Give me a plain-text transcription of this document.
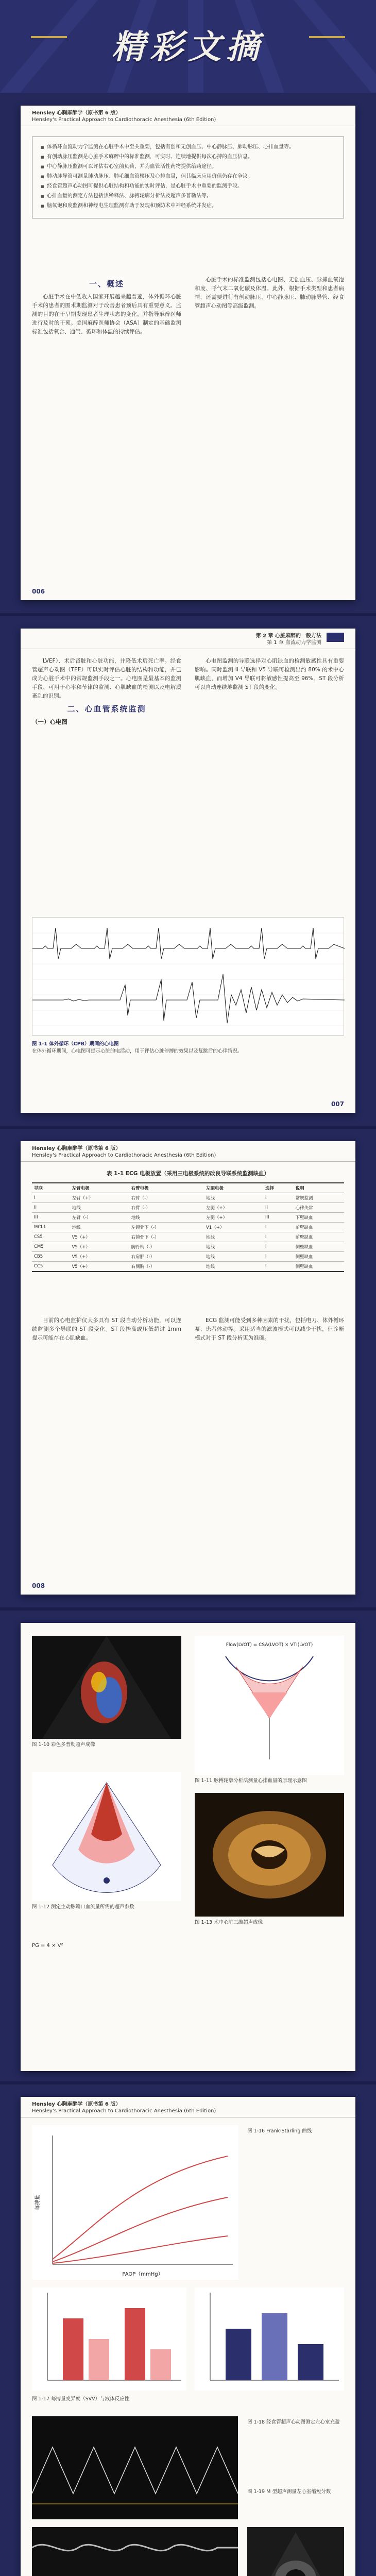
精彩文摘
Hensley 心胸麻醉学（原书第 6 版）
Hensley's Practical Approach to Cardiothoracic Anesthesia (6th Edition)
■ 体循环血流动力学监测在心脏手术中至关重要，包括有创和无创血压、中心静脉压、肺动脉压、心排血量等。
■ 有创动脉压监测是心脏手术麻醉中的标准监测，可实时、连续地提供每次心搏的血压信息。
■ 中心静脉压监测可以评估右心室前负荷，并为血管活性药物提供给药途径。
■ 肺动脉导管可测量肺动脉压、肺毛细血管楔压及心排血量，但其临床应用价值仍存在争议。
■ 经食管超声心动图可提供心脏结构和功能的实时评估，是心脏手术中重要的监测手段。
■ 心排血量的测定方法包括热稀释法、脉搏轮廓分析法及超声多普勒法等。
■ 脑氧饱和度监测和神经电生理监测有助于发现和预防术中神经系统并发症。
一、概述

心脏手术在中低收入国家开展越来越普遍，体外循环心脏手术的患者的围术期监测对于改善患者预后具有重要意义。监测的目的在于早期发现患者生理状态的变化，并指导麻醉医师进行及时的干预。美国麻醉医师协会（ASA）制定的基础监测标准包括氧合、通气、循环和体温的持续评估。

心脏手术的标准监测包括心电图、无创血压、脉搏血氧饱和度、呼气末二氧化碳及体温。此外，根据手术类型和患者病情，还需要进行有创动脉压、中心静脉压、肺动脉导管、经食管超声心动图等高级监测。

006
第 2 章 心脏麻醉的一般方法
第 1 章 血流动力学监测

LVEF）、术后肾脏和心脏功能，并降低术后死亡率。经食管超声心动图（TEE）可以实时评估心脏的结构和功能，并已成为心脏手术中的常规监测手段之一。心电图是最基本的监测手段，可用于心率和节律的监测、心肌缺血的检测以及电解质紊乱的识别。

二、心血管系统监测
（一）心电图

心电图监测的导联选择对心肌缺血的检测敏感性具有重要影响。同时监测 II 导联和 V5 导联可检测出约 80% 的术中心肌缺血，而增加 V4 导联可将敏感性提高至 96%。ST 段分析可以自动连续地监测 ST 段的变化。

图 1-1 体外循环（CPB）期间的心电图
在体外循环期间，心电图可提示心脏的电活动，用于评估心脏停搏的效果以及复跳后的心律情况。
007
Hensley 心胸麻醉学（原书第 6 版）
Hensley's Practical Approach to Cardiothoracic Anesthesia (6th Edition)
表 1-1 ECG 电极放置（采用三电极系统的改良导联系统监测缺血）
导联	左臂电极	右臂电极	左腿电极	选择	说明
I	左臂（+）	右臂（-）	地线	I	常规监测
II	地线	右臂（-）	左腿（+）	II	心律失常
III	左臂（-）	地线	左腿（+）	III	下壁缺血
MCL1	地线	左锁骨下（-）	V1（+）	I	前壁缺血
CS5	V5（+）	右锁骨下（-）	地线	I	前壁缺血
CM5	V5（+）	胸骨柄（-）	地线	I	侧壁缺血
CB5	V5（+）	右肩胛（-）	地线	I	侧壁缺血
CC5	V5（+）	右侧胸（-）	地线	I	侧壁缺血

目前的心电监护仪大多具有 ST 段自动分析功能，可以连续监测多个导联的 ST 段变化。ST 段抬高或压低超过 1mm 提示可能存在心肌缺血。

ECG 监测可能受到多种因素的干扰，包括电刀、体外循环泵、患者体动等。采用适当的滤波模式可以减少干扰，但诊断模式对于 ST 段分析更为准确。

008
图 1-10 彩色多普勒超声成像
Flow(LVOT) = CSA(LVOT) × VTI(LVOT)
图 1-11 脉搏轮廓分析法测量心排血量的原理示意图
图 1-12 测定主动脉瓣口血流量所需的超声参数
图 1-13 术中心脏三维超声成像
PG = 4 × V²
Hensley 心胸麻醉学（原书第 6 版）
Hensley's Practical Approach to Cardiothoracic Anesthesia (6th Edition)
PAOP（mmHg）
每搏量
图 1-16 Frank-Starling 曲线
图 1-17 每搏量变异度（SVV）与液体反应性
图 1-18 经食管超声心动图测定左心室充盈
图 1-19 M 型超声测量左心室缩短分数
